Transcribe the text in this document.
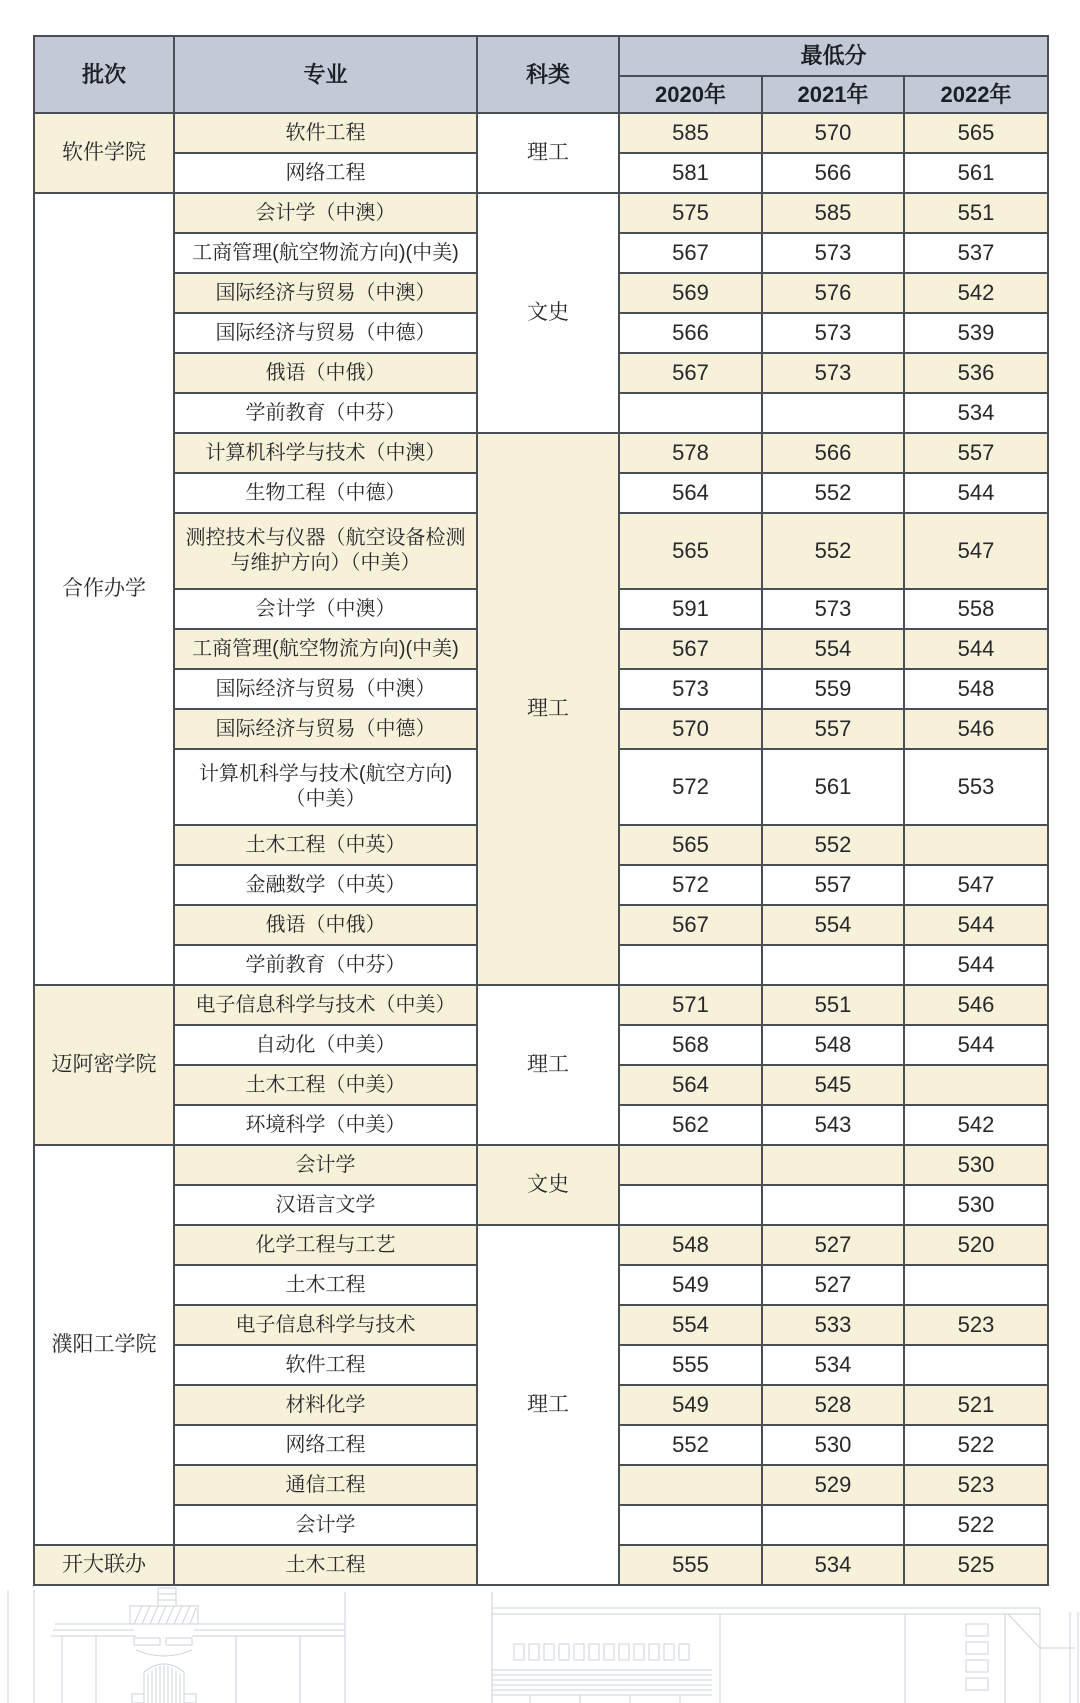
批次	专业	科类	最低分		
			2020年	2021年	2022年
软件学院	软件工程	理工	585	570	565
	网络工程		581	566	561
合作办学	会计学（中澳）	文史	575	585	551
	工商管理(航空物流方向)(中美)		567	573	537
	国际经济与贸易（中澳）		569	576	542
	国际经济与贸易（中德）		566	573	539
	俄语（中俄）		567	573	536
	学前教育（中芬）				534
	计算机科学与技术（中澳）	理工	578	566	557
	生物工程（中德）		564	552	544
	测控技术与仪器（航空设备检测与维护方向）（中美）		565	552	547
	会计学（中澳）		591	573	558
	工商管理(航空物流方向)(中美)		567	554	544
	国际经济与贸易（中澳）		573	559	548
	国际经济与贸易（中德）		570	557	546
	计算机科学与技术(航空方向)（中美）		572	561	553
	土木工程（中英）		565	552	
	金融数学（中英）		572	557	547
	俄语（中俄）		567	554	544
	学前教育（中芬）				544
迈阿密学院	电子信息科学与技术（中美）	理工	571	551	546
	自动化（中美）		568	548	544
	土木工程（中美）		564	545	
	环境科学（中美）		562	543	542
濮阳工学院	会计学	文史			530
	汉语言文学				530
	化学工程与工艺	理工	548	527	520
	土木工程		549	527	
	电子信息科学与技术		554	533	523
	软件工程		555	534	
	材料化学		549	528	521
	网络工程		552	530	522
	通信工程			529	523
	会计学				522
开大联办	土木工程		555	534	525
